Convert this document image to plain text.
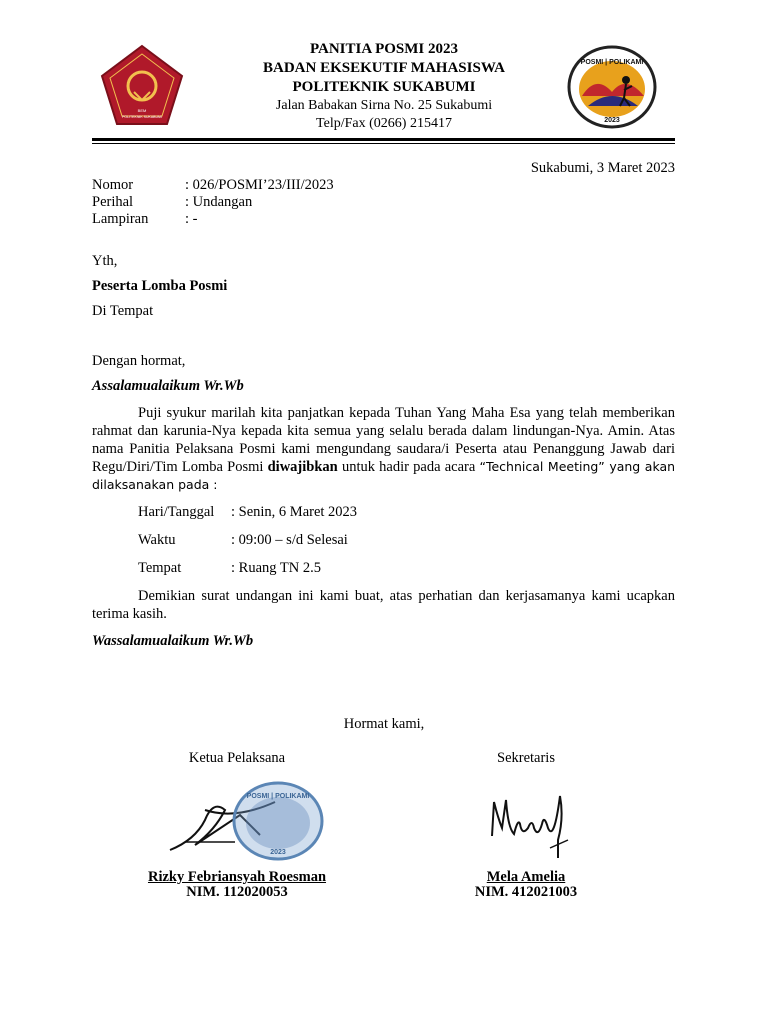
BEM
POLITEKNIK SUKABUMI
PANITIA POSMI 2023
BADAN EKSEKUTIF MAHASISWA
POLITEKNIK SUKABUMI
Jalan Babakan Sirna No. 25 Sukabumi
Telp/Fax (0266) 215417
POSMI | POLIKAMI
2023
Sukabumi, 3 Maret 2023
Nomor	: 026/POSMI’23/III/2023
Perihal	: Undangan
Lampiran	: -
Yth,
Peserta Lomba Posmi
Di Tempat
Dengan hormat,
Assalamualaikum Wr.Wb
Puji syukur marilah kita panjatkan kepada Tuhan Yang Maha Esa yang telah memberikan rahmat dan karunia-Nya kepada kita semua yang selalu berada dalam lindungan-Nya. Amin. Atas nama Panitia Pelaksana Posmi kami mengundang saudara/i Peserta atau Penanggung Jawab dari Regu/Diri/Tim Lomba Posmi diwajibkan untuk hadir pada acara “Technical Meeting” yang akan dilaksanakan pada :
Hari/Tanggal : Senin, 6 Maret 2023
Waktu	: 09:00 – s/d Selesai
Tempat	: Ruang TN 2.5
Demikian surat undangan ini kami buat, atas perhatian dan kerjasamanya kami ucapkan terima kasih.
Wassalamualaikum Wr.Wb
Hormat kami,
Ketua Pelaksana	Sekretaris
POSMI | POLIKAMI
2023
Rizky Febriansyah Roesman
NIM. 112020053
Mela Amelia
NIM. 412021003
